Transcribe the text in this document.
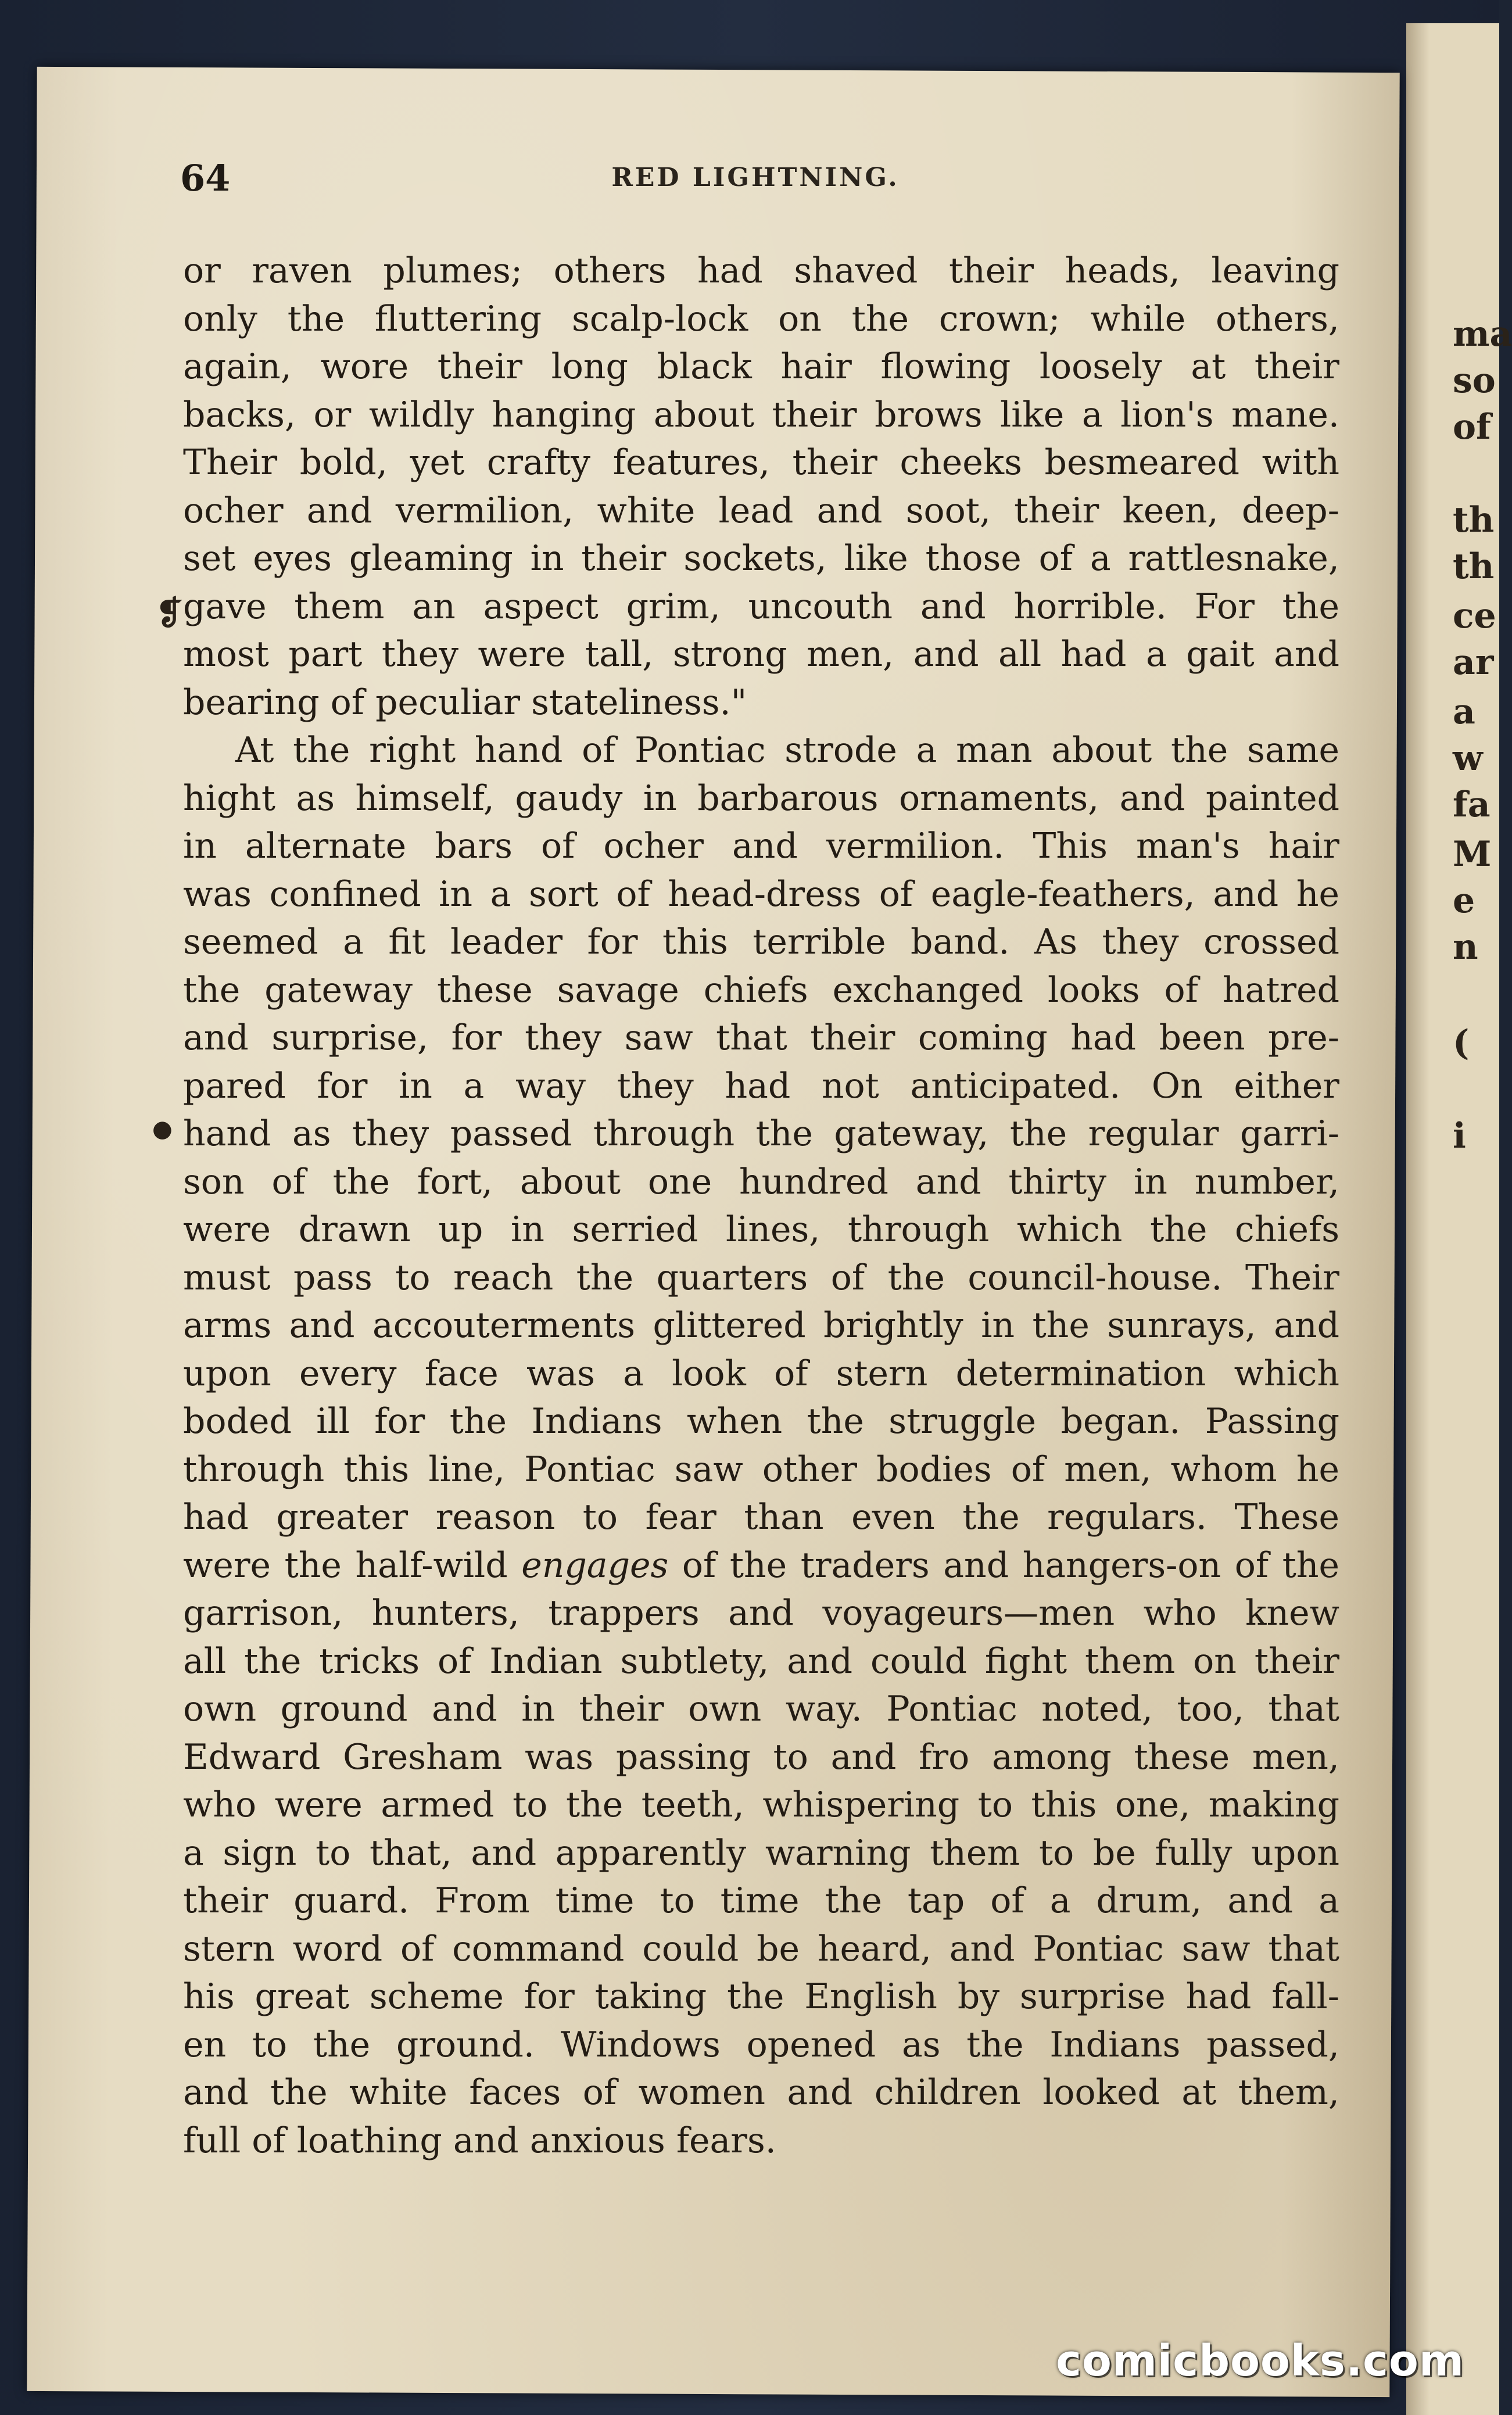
ma
so
of
th
th
ce
ar
a
w
fa
M
e
n
(
i
64	RED LIGHTNING.
or raven plumes; others had shaved their heads, leaving
only the fluttering scalp-lock on the crown; while others,
again, wore their long black hair flowing loosely at their
backs, or wildly hanging about their brows like a lion's mane.
Their bold, yet crafty features, their cheeks besmeared with
ocher and vermilion, white lead and soot, their keen, deep-
set eyes gleaming in their sockets, like those of a rattlesnake,
gave them an aspect grim, uncouth and horrible. For the
most part they were tall, strong men, and all had a gait and
bearing of peculiar stateliness."
At the right hand of Pontiac strode a man about the same
hight as himself, gaudy in barbarous ornaments, and painted
in alternate bars of ocher and vermilion. This man's hair
was confined in a sort of head-dress of eagle-feathers, and he
seemed a fit leader for this terrible band. As they crossed
the gateway these savage chiefs exchanged looks of hatred
and surprise, for they saw that their coming had been pre-
pared for in a way they had not anticipated. On either
hand as they passed through the gateway, the regular garri-
son of the fort, about one hundred and thirty in number,
were drawn up in serried lines, through which the chiefs
must pass to reach the quarters of the council-house. Their
arms and accouterments glittered brightly in the sunrays, and
upon every face was a look of stern determination which
boded ill for the Indians when the struggle began. Passing
through this line, Pontiac saw other bodies of men, whom he
had greater reason to fear than even the regulars. These
were the half-wild engages of the traders and hangers-on of the
garrison, hunters, trappers and voyageurs—men who knew
all the tricks of Indian subtlety, and could fight them on their
own ground and in their own way. Pontiac noted, too, that
Edward Gresham was passing to and fro among these men,
who were armed to the teeth, whispering to this one, making
a sign to that, and apparently warning them to be fully upon
their guard. From time to time the tap of a drum, and a
stern word of command could be heard, and Pontiac saw that
his great scheme for taking the English by surprise had fall-
en to the ground. Windows opened as the Indians passed,
and the white faces of women and children looked at them,
full of loathing and anxious fears.
❡
●
comicbooks.com
